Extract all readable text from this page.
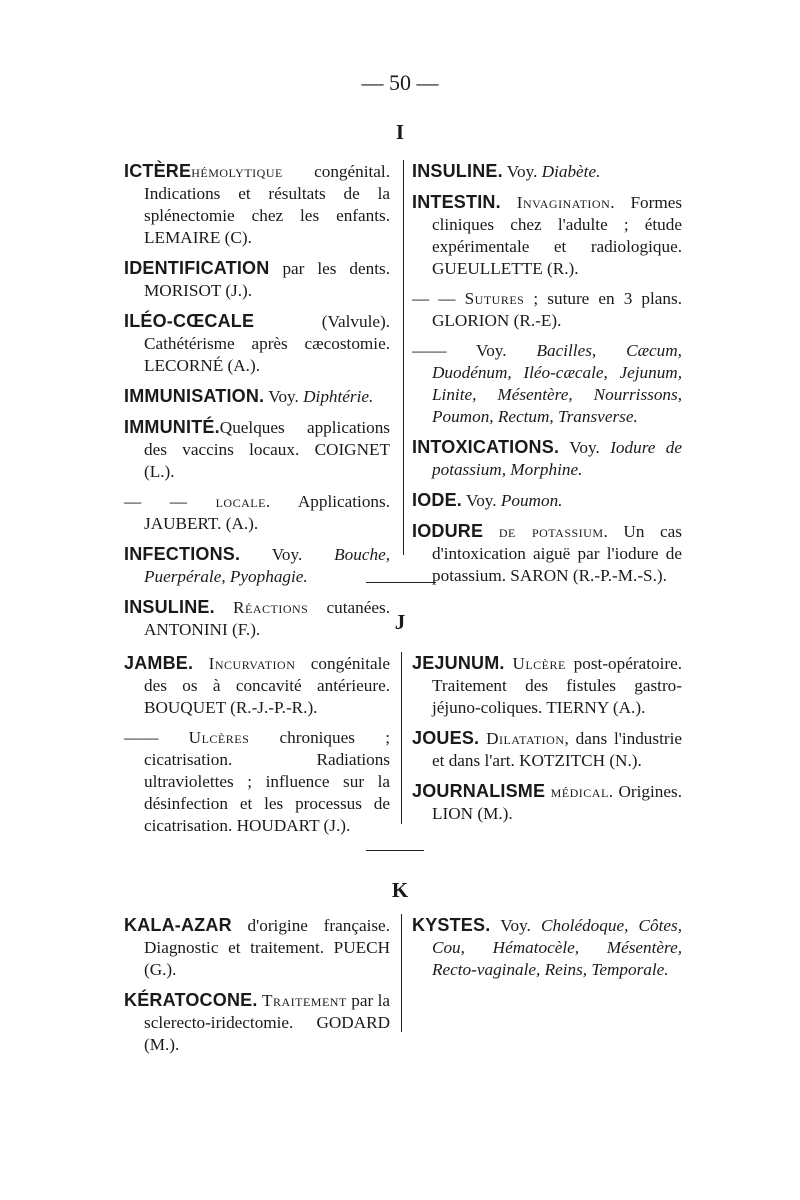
— 50 —
I

ICTÈREhémolytique congénital. Indications et résultats de la splénectomie chez les enfants. LEMAIRE (C).

IDENTIFICATION par les dents. MORISOT (J.).

ILÉO-CŒCALE (Valvule). Cathétérisme après cæcostomie. LECORNÉ (A.).

IMMUNISATION. Voy. Diphtérie.

IMMUNITÉ.Quelques applications des vaccins locaux. COIGNET (L.).

— — locale. Applications. JAUBERT. (A.).

INFECTIONS. Voy. Bouche, Puerpérale, Pyophagie.

INSULINE. Réactions cutanées. ANTONINI (F.).

INSULINE. Voy. Diabète.

INTESTIN. Invagination. Formes cliniques chez l'adulte ; étude expérimentale et radiologique. GUEULLETTE (R.).

— — Sutures ; suture en 3 plans. GLORION (R.-E).

—— Voy. Bacilles, Cæcum, Duodénum, Iléo-cæcale, Jejunum, Linite, Mésentère, Nourrissons, Poumon, Rectum, Transverse.

INTOXICATIONS. Voy. Iodure de potassium, Morphine.

IODE. Voy. Poumon.

IODURE de potassium. Un cas d'intoxication aiguë par l'iodure de potassium. SARON (R.-P.-M.-S.).

J

JAMBE. Incurvation congénitale des os à concavité antérieure. BOUQUET (R.-J.-P.-R.).

—— Ulcères chroniques ; cicatrisation. Radiations ultraviolettes ; influence sur la désinfection et les processus de cicatrisation. HOUDART (J.).

JEJUNUM. Ulcère post-opératoire. Traitement des fistules gastro-jéjuno-coliques. TIERNY (A.).

JOUES. Dilatation, dans l'industrie et dans l'art. KOTZITCH (N.).

JOURNALISME médical. Origines. LION (M.).

K

KALA-AZAR d'origine française. Diagnostic et traitement. PUECH (G.).

KÉRATOCONE. Traitement par la sclerecto-iridectomie. GODARD (M.).

KYSTES. Voy. Cholédoque, Côtes, Cou, Hématocèle, Mésentère, Recto-vaginale, Reins, Temporale.
